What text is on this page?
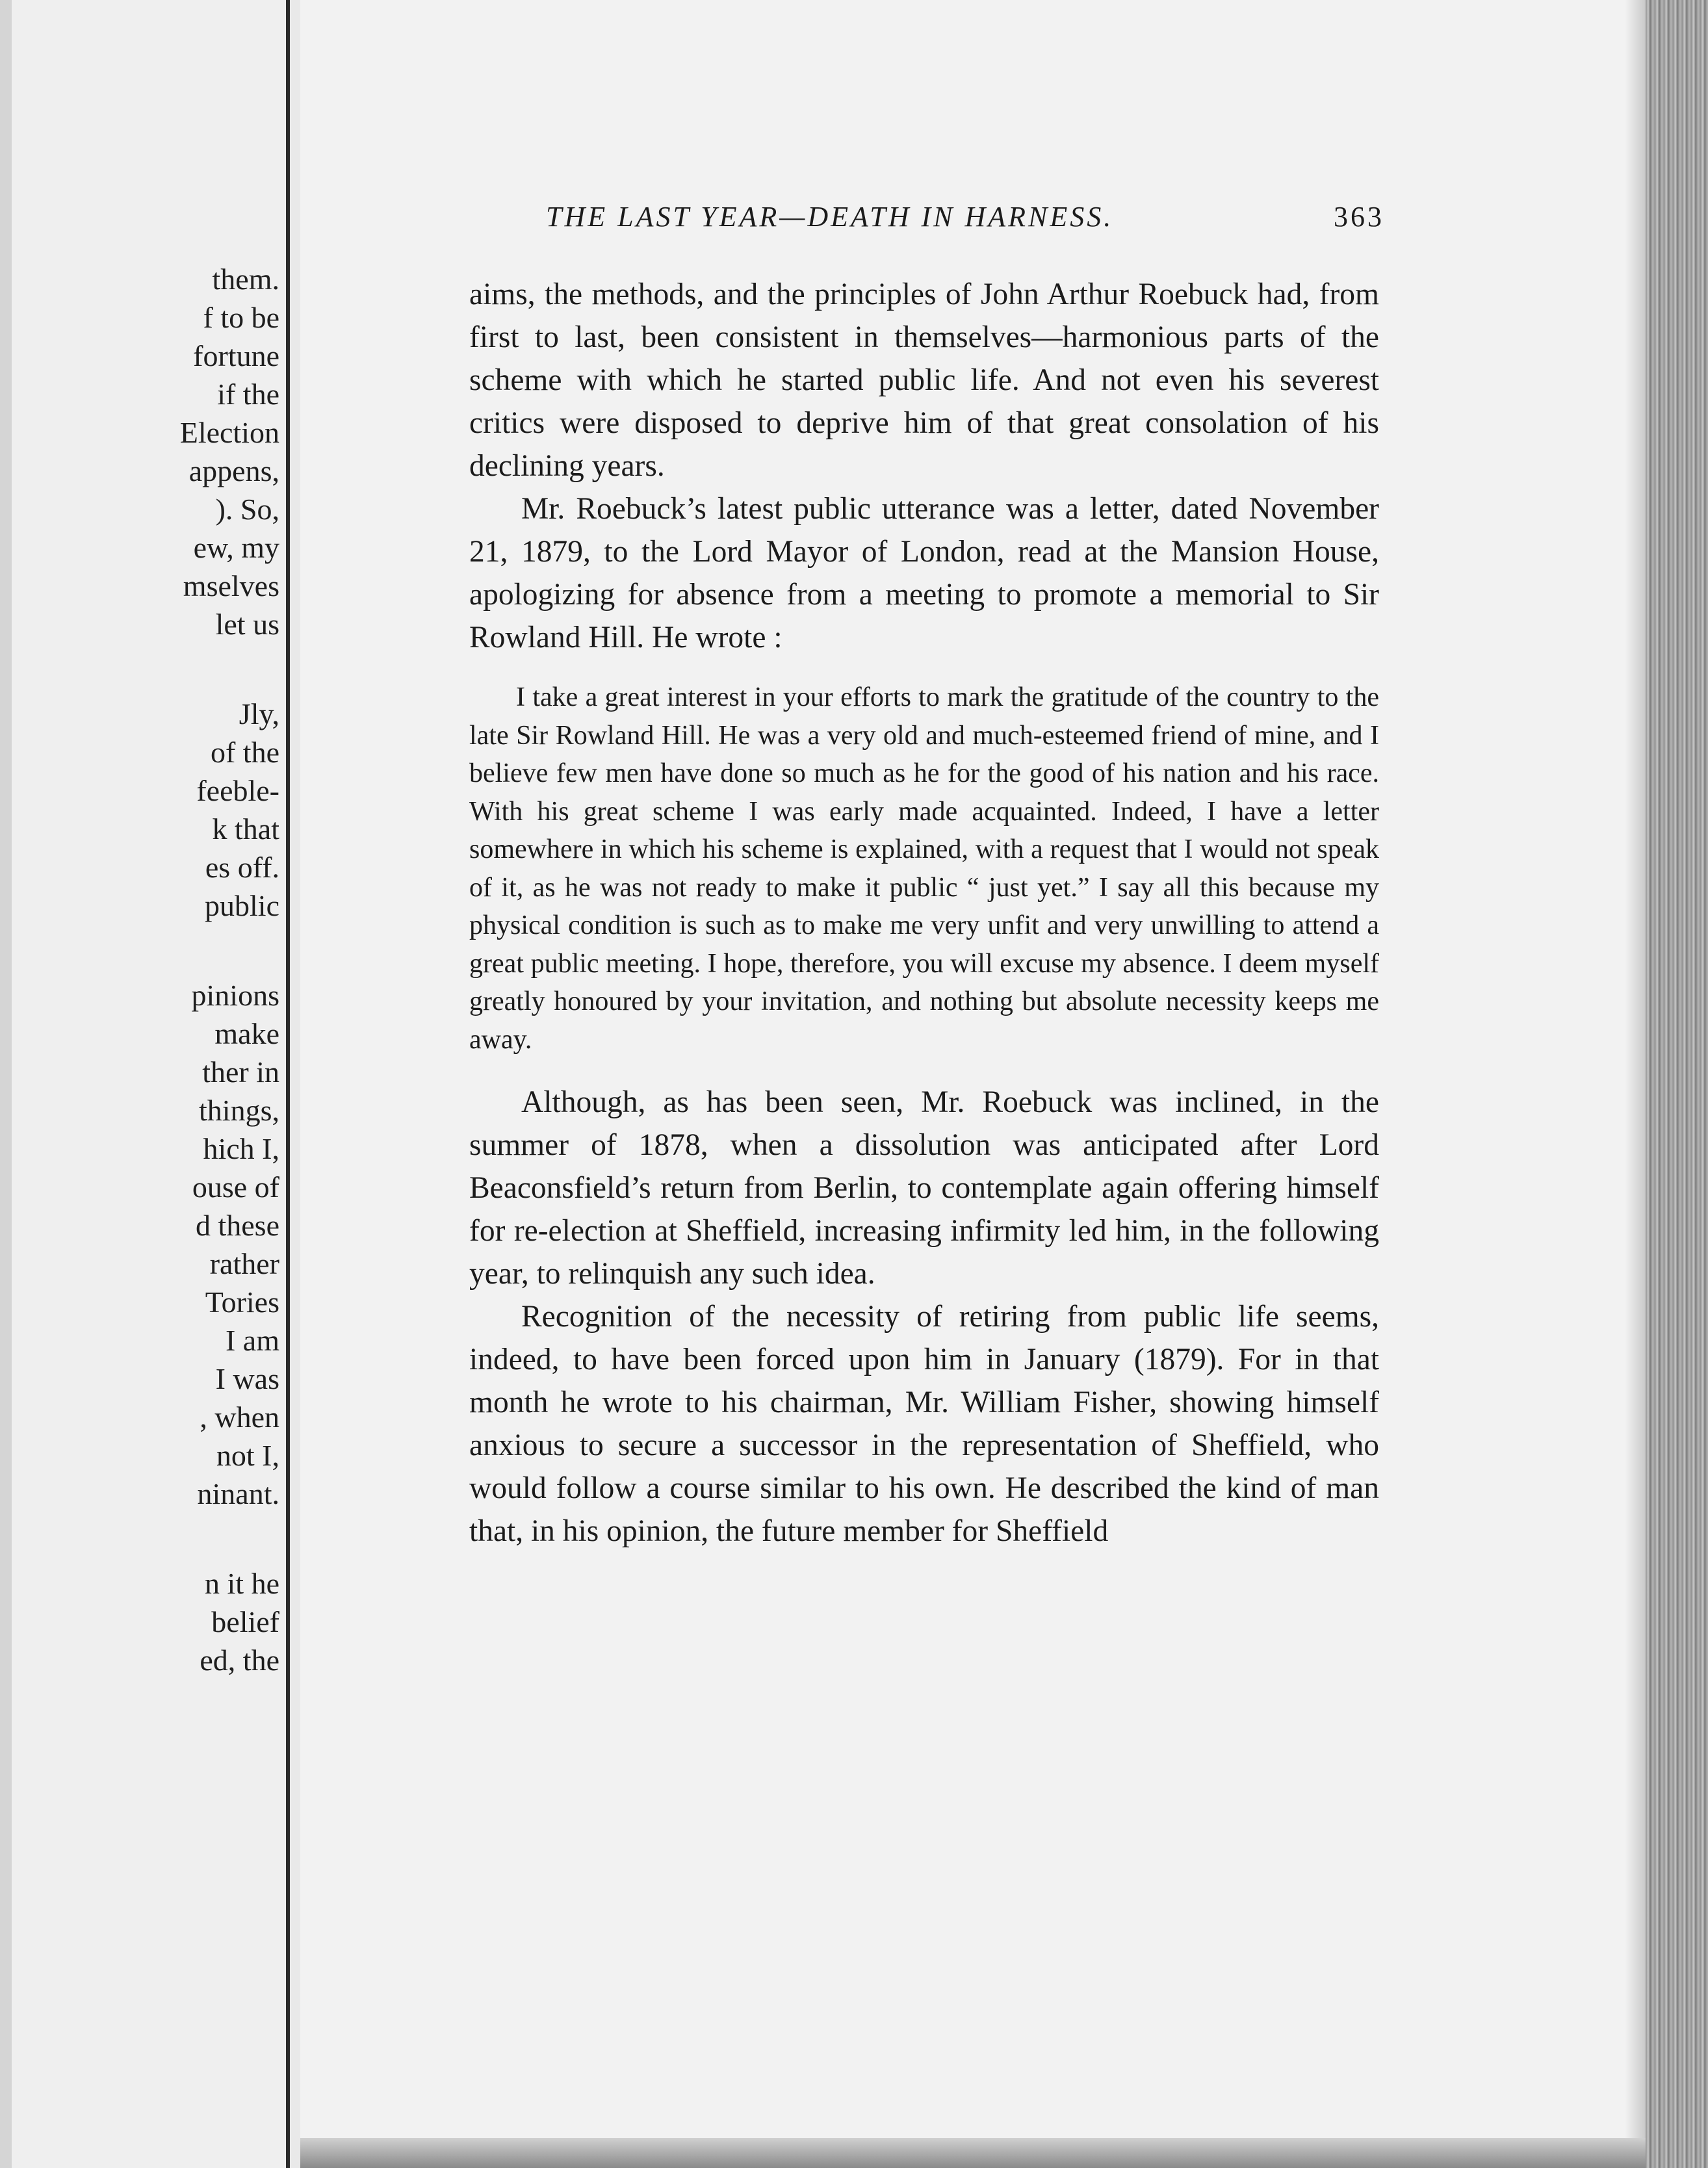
them.
f to be
fortune
if the
Election
appens,
). So,
ew, my
mselves
let us
Jly,
of the
feeble-
k that
es off.
public
pinions
make
ther in
things,
hich I,
ouse of
d these
rather
Tories
I am
I was
, when
not I,
ninant.
n it he
belief
ed, the
THE LAST YEAR—DEATH IN HARNESS.	363

aims, the methods, and the principles of John Arthur Roebuck had, from first to last, been consistent in themselves—harmonious parts of the scheme with which he started public life. And not even his severest critics were disposed to deprive him of that great consolation of his declining years.

Mr. Roebuck’s latest public utterance was a letter, dated November 21, 1879, to the Lord Mayor of London, read at the Mansion House, apologizing for absence from a meeting to promote a memorial to Sir Rowland Hill. He wrote :

I take a great interest in your efforts to mark the gratitude of the country to the late Sir Rowland Hill. He was a very old and much-esteemed friend of mine, and I believe few men have done so much as he for the good of his nation and his race. With his great scheme I was early made acquainted. Indeed, I have a letter somewhere in which his scheme is explained, with a request that I would not speak of it, as he was not ready to make it public “ just yet.” I say all this because my physical condition is such as to make me very unfit and very unwilling to attend a great public meeting. I hope, therefore, you will excuse my absence. I deem myself greatly honoured by your invitation, and nothing but absolute necessity keeps me away.

Although, as has been seen, Mr. Roebuck was inclined, in the summer of 1878, when a dissolution was anticipated after Lord Beaconsfield’s return from Berlin, to contemplate again offering himself for re-election at Sheffield, increasing infirmity led him, in the following year, to relinquish any such idea.

Recognition of the necessity of retiring from public life seems, indeed, to have been forced upon him in January (1879). For in that month he wrote to his chairman, Mr. William Fisher, showing himself anxious to secure a successor in the representation of Sheffield, who would follow a course similar to his own. He described the kind of man that, in his opinion, the future member for Sheffield
